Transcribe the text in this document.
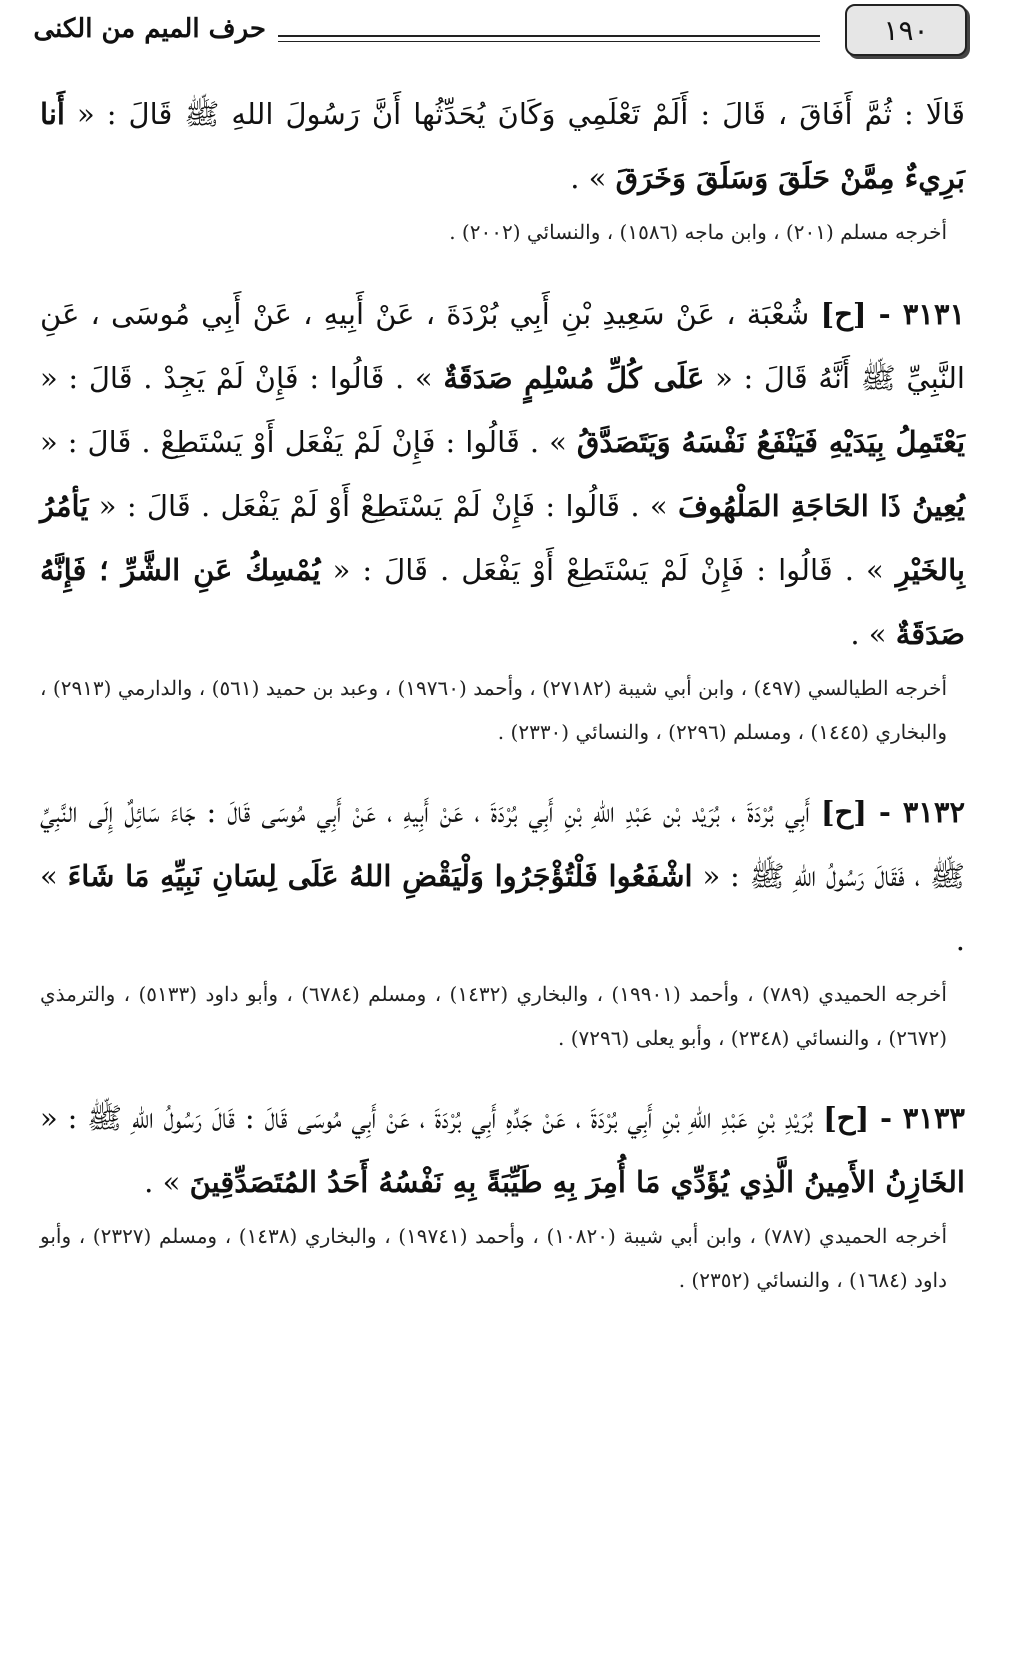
١٩٠
حرف الميم من الكنى

قَالَا : ثُمَّ أَفَاقَ ، قَالَ : أَلَمْ تَعْلَمِي وَكَانَ يُحَدِّثُها أَنَّ رَسُولَ اللهِ ﷺ قَالَ : « أَنا بَرِيءٌ مِمَّنْ حَلَقَ وَسَلَقَ وَخَرَقَ » .

أخرجه مسلم (٢٠١) ، وابن ماجه (١٥٨٦) ، والنسائي (٢٠٠٢) .

٣١٣١ - [ح] شُعْبَة ، عَنْ سَعِيدِ بْنِ أَبِي بُرْدَةَ ، عَنْ أَبِيهِ ، عَنْ أَبِي مُوسَى ، عَنِ النَّبِيِّ ﷺ أَنَّهُ قَالَ : « عَلَى كُلِّ مُسْلِمٍ صَدَقَةٌ » . قَالُوا : فَإِنْ لَمْ يَجِدْ . قَالَ : « يَعْتَمِلُ بِيَدَيْهِ فَيَنْفَعُ نَفْسَهُ وَيَتَصَدَّقُ » . قَالُوا : فَإِنْ لَمْ يَفْعَل أَوْ يَسْتَطِعْ . قَالَ : « يُعِينُ ذَا الحَاجَةِ المَلْهُوفَ » . قَالُوا : فَإِنْ لَمْ يَسْتَطِعْ أَوْ لَمْ يَفْعَل . قَالَ : « يَأمُرُ بِالخَيْرِ » . قَالُوا : فَإِنْ لَمْ يَسْتَطِعْ أَوْ يَفْعَل . قَالَ : « يُمْسِكُ عَنِ الشَّرِّ ؛ فَإِنَّهُ صَدَقَةٌ » .

أخرجه الطيالسي (٤٩٧) ، وابن أبي شيبة (٢٧١٨٢) ، وأحمد (١٩٧٦٠) ، وعبد بن حميد (٥٦١) ، والدارمي (٢٩١٣) ، والبخاري (١٤٤٥) ، ومسلم (٢٢٩٦) ، والنسائي (٢٣٣٠) .

٣١٣٢ - [ح] أَبِي بُرْدَةَ ، بُرَيْد بْن عَبْدِ اللهِ بْنِ أَبِي بُرْدَةَ ، عَنْ أَبِيهِ ، عَنْ أَبِي مُوسَى قَالَ : جَاءَ سَائِلٌ إِلَى النَّبِيِّ ﷺ ، فَقَالَ رَسُولُ اللهِ ﷺ : « اشْفَعُوا فَلْتُؤْجَرُوا وَلْيَقْضِ اللهُ عَلَى لِسَانِ نَبِيِّهِ مَا شَاءَ » .

أخرجه الحميدي (٧٨٩) ، وأحمد (١٩٩٠١) ، والبخاري (١٤٣٢) ، ومسلم (٦٧٨٤) ، وأبو داود (٥١٣٣) ، والترمذي (٢٦٧٢) ، والنسائي (٢٣٤٨) ، وأبو يعلى (٧٢٩٦) .

٣١٣٣ - [ح] بُرَيْدِ بْنِ عَبْدِ اللهِ بْنِ أَبِي بُرْدَةَ ، عَنْ جَدِّهِ أَبِي بُرْدَةَ ، عَنْ أَبِي مُوسَى قَالَ : قَالَ رَسُولُ اللهِ ﷺ : « الخَازِنُ الأَمِينُ الَّذِي يُؤَدِّي مَا أُمِرَ بِهِ طَيِّبَةً بِهِ نَفْسُهُ أَحَدُ المُتَصَدِّقِينَ » .

أخرجه الحميدي (٧٨٧) ، وابن أبي شيبة (١٠٨٢٠) ، وأحمد (١٩٧٤١) ، والبخاري (١٤٣٨) ، ومسلم (٢٣٢٧) ، وأبو داود (١٦٨٤) ، والنسائي (٢٣٥٢) .
